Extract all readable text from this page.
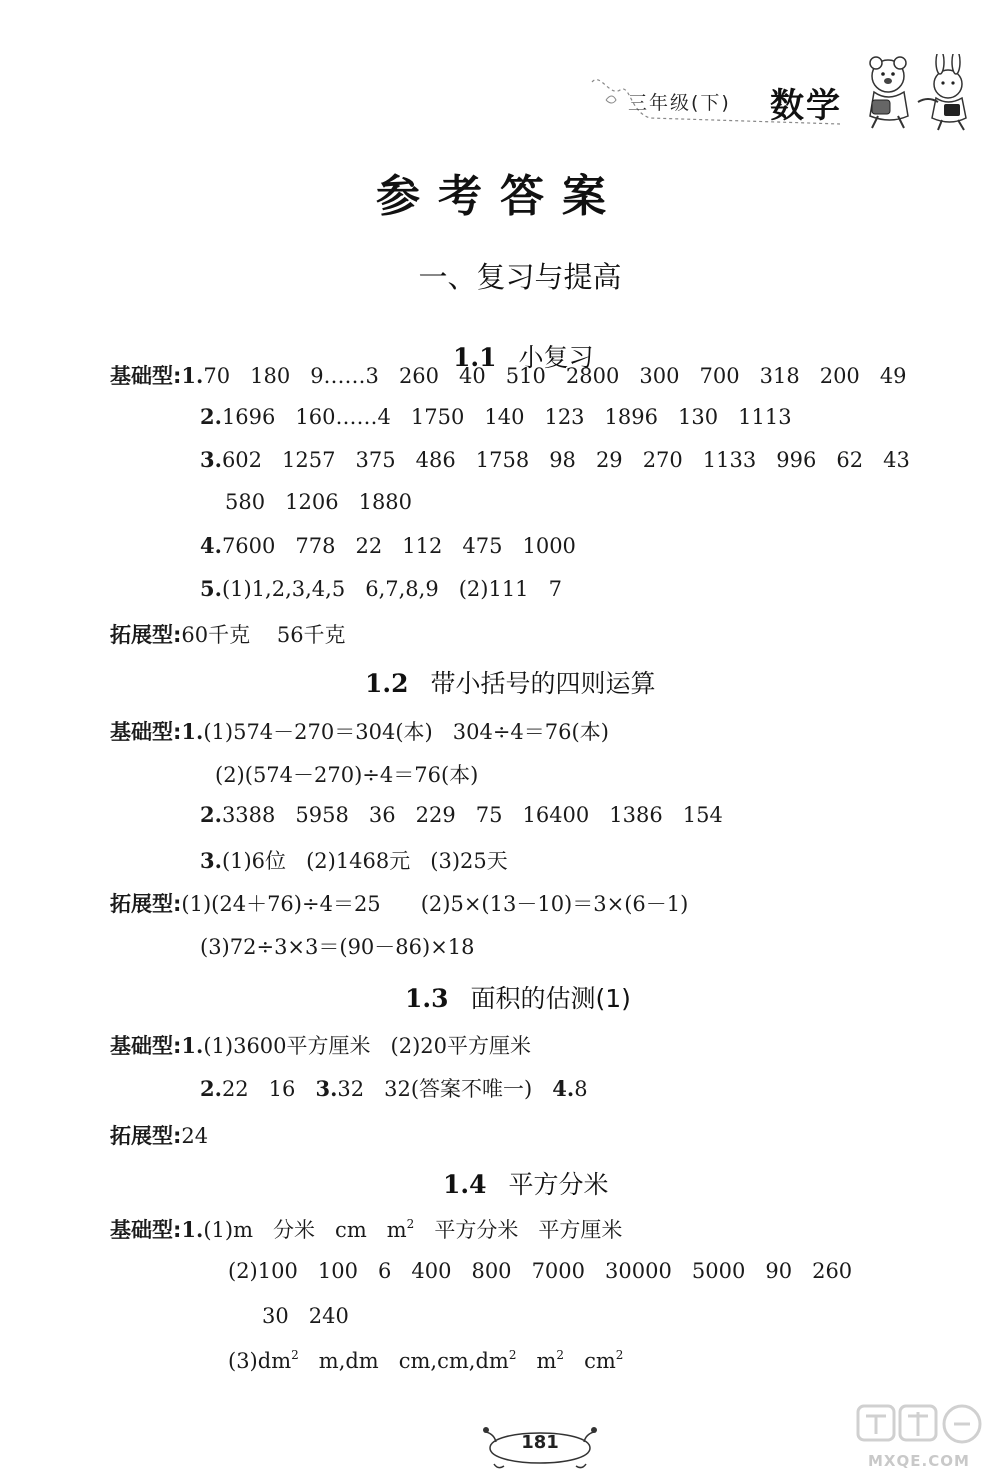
三年级(下) 数学
参考答案
一、复习与提高
1.1 小复习
基础型:1.70   180   9……3   260   40   510   2800   300   700   318   200   49
2.1696   160……4   1750   140   123   1896   130   1113
3.602   1257   375   486   1758   98   29   270   1133   996   62   43
580   1206   1880
4.7600   778   22   112   475   1000
5.(1)1,2,3,4,5   6,7,8,9   (2)111   7
拓展型:60千克    56千克
1.2 带小括号的四则运算
基础型:1.(1)574－270＝304(本)   304÷4＝76(本)
(2)(574－270)÷4＝76(本)
2.3388   5958   36   229   75   16400   1386   154
3.(1)6位   (2)1468元   (3)25天
拓展型:(1)(24＋76)÷4＝25      (2)5×(13－10)＝3×(6－1)
(3)72÷3×3＝(90－86)×18
1.3 面积的估测(1)
基础型:1.(1)3600平方厘米   (2)20平方厘米
2.22   16 3.32   32(答案不唯一) 4.8
拓展型:24
1.4 平方分米
基础型:1.(1)m   分米   cm   $m^2$   平方分米   平方厘米
(2)100   100   6   400   800   7000   30000   5000   90   260
30   240
$(3)dm^2$   m,dm   $cm,cm,dm^2$   $m^2$   $cm^2$
181
MXQE.COM
